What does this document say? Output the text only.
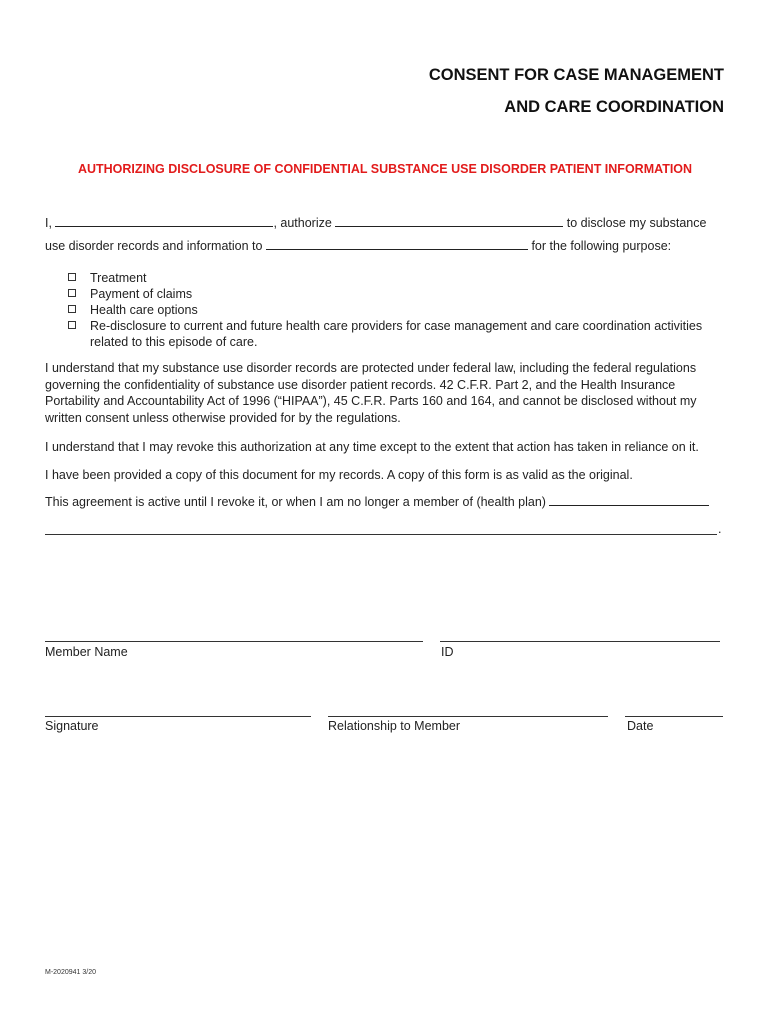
CONSENT FOR CASE MANAGEMENT
AND CARE COORDINATION
AUTHORIZING DISCLOSURE OF CONFIDENTIAL SUBSTANCE USE DISORDER PATIENT INFORMATION
I,	, authorize	to disclose my substance
use disorder records and information to	for the following purpose:
Treatment
Payment of claims
Health care options
Re-disclosure to current and future health care providers for case management and care coordination activities related to this episode of care.
I understand that my substance use disorder records are protected under federal law, including the federal regulations governing the confidentiality of substance use disorder patient records. 42 C.F.R. Part 2, and the Health Insurance Portability and Accountability Act of 1996 (“HIPAA”), 45 C.F.R. Parts 160 and 164, and cannot be disclosed without my written consent unless otherwise provided for by the regulations.
I understand that I may revoke this authorization at any time except to the extent that action has taken in reliance on it.
I have been provided a copy of this document for my records. A copy of this form is as valid as the original.
This agreement is active until I revoke it, or when I am no longer a member of (health plan)
.
Member Name	ID
Signature	Relationship to Member	Date
M-2020941 3/20
